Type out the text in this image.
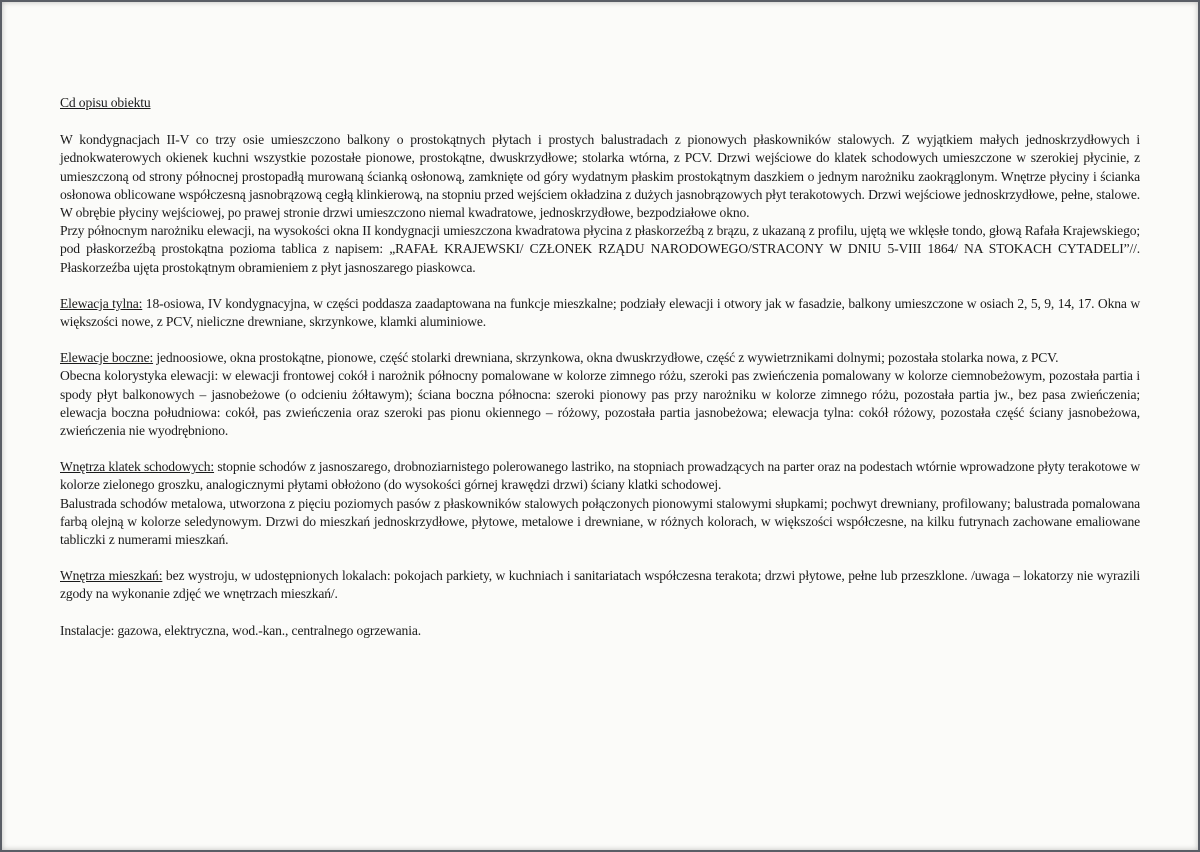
Cd opisu obiektu

W kondygnacjach II-V co trzy osie umieszczono balkony o prostokątnych płytach i prostych balustradach z pionowych płaskowników stalowych. Z wyjątkiem małych jednoskrzydłowych i jednokwaterowych okienek kuchni wszystkie pozostałe pionowe, prostokątne, dwuskrzydłowe; stolarka wtórna, z PCV. Drzwi wejściowe do klatek schodowych umieszczone w szerokiej płycinie, z umieszczoną od strony północnej prostopadłą murowaną ścianką osłonową, zamknięte od góry wydatnym płaskim prostokątnym daszkiem o jednym narożniku zaokrąglonym. Wnętrze płyciny i ścianka osłonowa oblicowane współczesną jasnobrązową cegłą klinkierową, na stopniu przed wejściem okładzina z dużych jasnobrązowych płyt terakotowych. Drzwi wejściowe jednoskrzydłowe, pełne, stalowe. W obrębie płyciny wejściowej, po prawej stronie drzwi umieszczono niemal kwadratowe, jednoskrzydłowe, bezpodziałowe okno.

Przy północnym narożniku elewacji, na wysokości okna II kondygnacji umieszczona kwadratowa płycina z płaskorzeźbą z brązu, z ukazaną z profilu, ujętą we wklęsłe tondo, głową Rafała Krajewskiego; pod płaskorzeźbą prostokątna pozioma tablica z napisem: „RAFAŁ KRAJEWSKI/ CZŁONEK RZĄDU NARODOWEGO/STRACONY W DNIU 5-VIII 1864/ NA STOKACH CYTADELI”//. Płaskorzeźba ujęta prostokątnym obramieniem z płyt jasnoszarego piaskowca.

Elewacja tylna: 18-osiowa, IV kondygnacyjna, w części poddasza zaadaptowana na funkcje mieszkalne; podziały elewacji i otwory jak w fasadzie, balkony umieszczone w osiach 2, 5, 9, 14, 17. Okna w większości nowe, z PCV, nieliczne drewniane, skrzynkowe, klamki aluminiowe.

Elewacje boczne: jednoosiowe, okna prostokątne, pionowe, część stolarki drewniana, skrzynkowa, okna dwuskrzydłowe, część z wywietrznikami dolnymi; pozostała stolarka nowa, z PCV.

Obecna kolorystyka elewacji: w elewacji frontowej cokół i narożnik północny pomalowane w kolorze zimnego różu, szeroki pas zwieńczenia pomalowany w kolorze ciemnobeżowym, pozostała partia i spody płyt balkonowych – jasnobeżowe (o odcieniu żółtawym); ściana boczna północna: szeroki pionowy pas przy narożniku w kolorze zimnego różu, pozostała partia jw., bez pasa zwieńczenia; elewacja boczna południowa: cokół, pas zwieńczenia oraz szeroki pas pionu okiennego – różowy, pozostała partia jasnobeżowa; elewacja tylna: cokół różowy, pozostała część ściany jasnobeżowa, zwieńczenia nie wyodrębniono.

Wnętrza klatek schodowych: stopnie schodów z jasnoszarego, drobnoziarnistego polerowanego lastriko, na stopniach prowadzących na parter oraz na podestach wtórnie wprowadzone płyty terakotowe w kolorze zielonego groszku, analogicznymi płytami obłożono (do wysokości górnej krawędzi drzwi) ściany klatki schodowej.

Balustrada schodów metalowa, utworzona z pięciu poziomych pasów z płaskowników stalowych połączonych pionowymi stalowymi słupkami; pochwyt drewniany, profilowany; balustrada pomalowana farbą olejną w kolorze seledynowym. Drzwi do mieszkań jednoskrzydłowe, płytowe, metalowe i drewniane, w różnych kolorach, w większości współczesne, na kilku futrynach zachowane emaliowane tabliczki z numerami mieszkań.

Wnętrza mieszkań: bez wystroju, w udostępnionych lokalach: pokojach parkiety, w kuchniach i sanitariatach współczesna terakota; drzwi płytowe, pełne lub przeszklone. /uwaga – lokatorzy nie wyrazili zgody na wykonanie zdjęć we wnętrzach mieszkań/.

Instalacje: gazowa, elektryczna, wod.-kan., centralnego ogrzewania.
